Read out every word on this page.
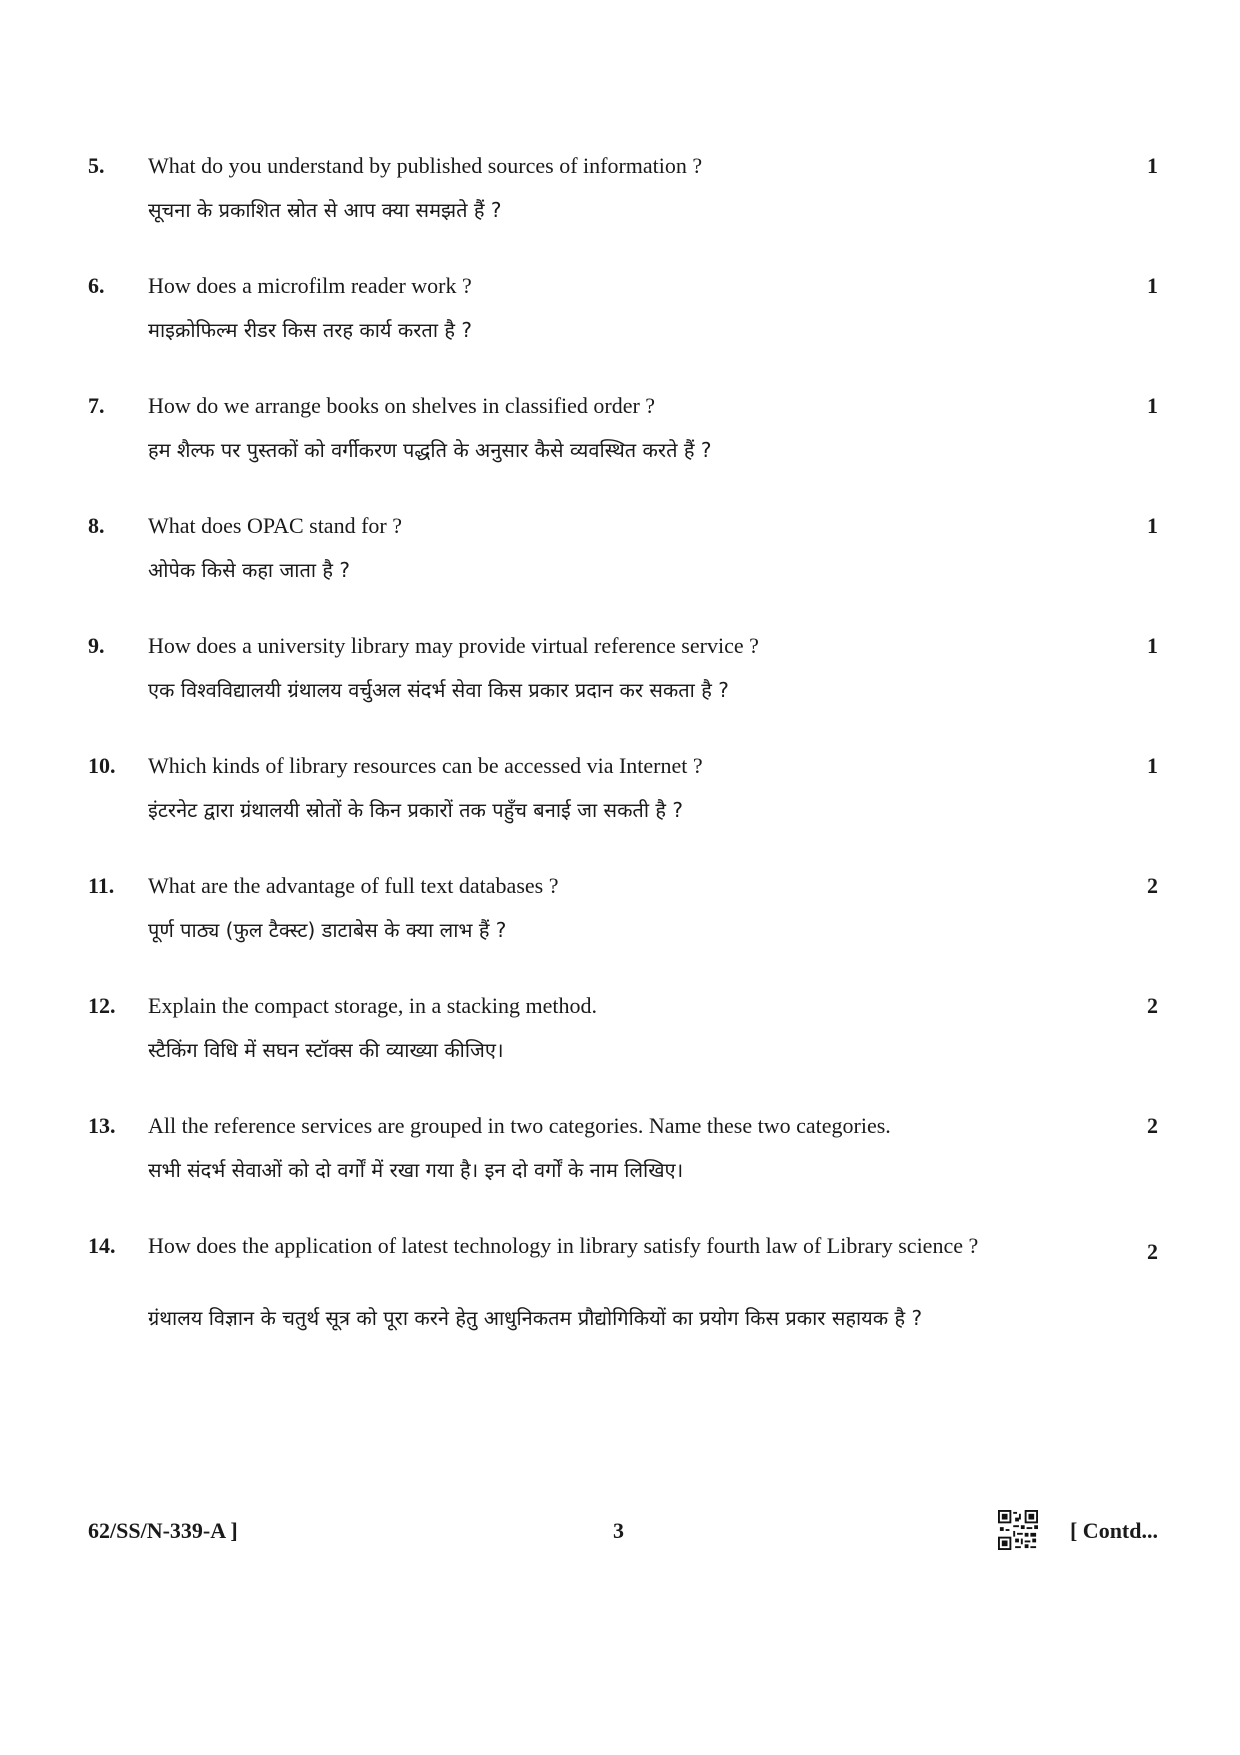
5. What do you understand by published sources of information ?
सूचना के प्रकाशित स्रोत से आप क्या समझते हैं ?
1
6. How does a microfilm reader work ?
माइक्रोफिल्म रीडर किस तरह कार्य करता है ?
1
7. How do we arrange books on shelves in classified order ?
हम शैल्फ पर पुस्तकों को वर्गीकरण पद्धति के अनुसार कैसे व्यवस्थित करते हैं ?
1
8. What does OPAC stand for ?
ओपेक किसे कहा जाता है ?
1
9. How does a university library may provide virtual reference service ?
एक विश्वविद्यालयी ग्रंथालय वर्चुअल संदर्भ सेवा किस प्रकार प्रदान कर सकता है ?
1
10. Which kinds of library resources can be accessed via Internet ?
इंटरनेट द्वारा ग्रंथालयी स्रोतों के किन प्रकारों तक पहुँच बनाई जा सकती है ?
1
11. What are the advantage of full text databases ?
पूर्ण पाठ्य (फुल टैक्स्ट) डाटाबेस के क्या लाभ हैं ?
2
12. Explain the compact storage, in a stacking method.
स्टैकिंग विधि में सघन स्टॉक्स की व्याख्या कीजिए।
2
13. All the reference services are grouped in two categories. Name these two categories.
सभी संदर्भ सेवाओं को दो वर्गों में रखा गया है। इन दो वर्गों के नाम लिखिए।
2
14. How does the application of latest technology in library satisfy fourth law of Library science ?
ग्रंथालय विज्ञान के चतुर्थ सूत्र को पूरा करने हेतु आधुनिकतम प्रौद्योगिकियों का प्रयोग किस प्रकार सहायक है ?
2
62/SS/N-339-A ]	3	[ Contd...
